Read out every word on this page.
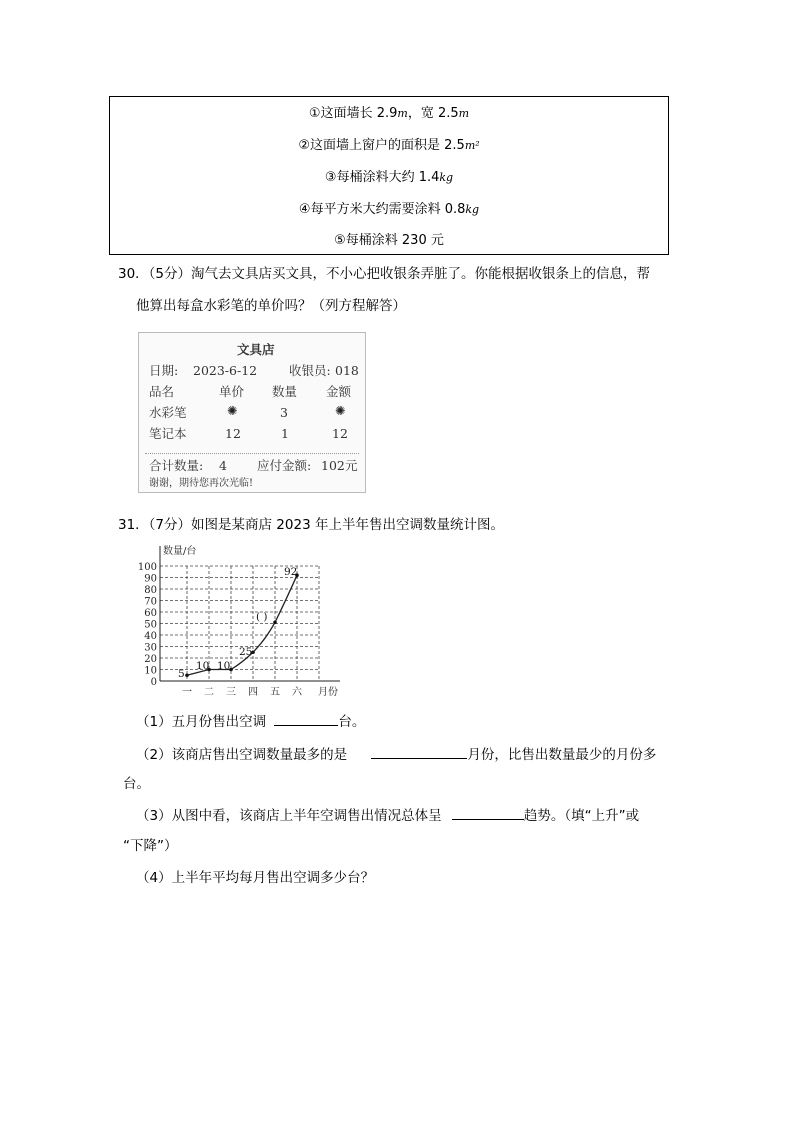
①这面墙长 2.9m，宽 2.5m
②这面墙上窗户的面积是 2.5m²
③每桶涂料大约 1.4kg
④每平方米大约需要涂料 0.8kg
⑤每桶涂料 230 元
30．（5分）淘气去文具店买文具，不小心把收银条弄脏了。你能根据收银条上的信息，帮
他算出每盒水彩笔的单价吗？（列方程解答）
文具店
日期: 2023-6-12	收银员: 018
品名	单价 数量 金额
水彩笔	✺	3	✺
笔记本	12	1	12
合计数量: 4 应付金额: 102 元
谢谢，期待您再次光临!
31．（7分）如图是某商店 2023 年上半年售出空调数量统计图。
0
10
20
30
40
50
60
70
80
90
100
数量/台
一 二 三 四 五 六 月份
5
10 10
25
( )
92
（1）五月份售出空调	台。
（2）该商店售出空调数量最多的是	月份，比售出数量最少的月份多
台。
（3）从图中看，该商店上半年空调售出情况总体呈	趋势。（填“上升”或
“下降”）
（4）上半年平均每月售出空调多少台？
